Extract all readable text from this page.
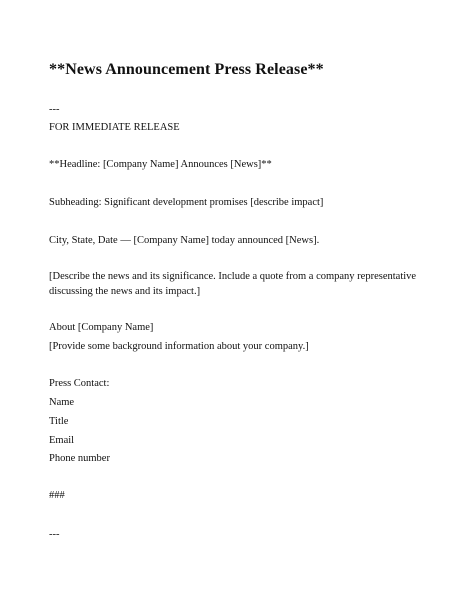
**News Announcement Press Release**
---
FOR IMMEDIATE RELEASE
**Headline: [Company Name] Announces [News]**
Subheading: Significant development promises [describe impact]
City, State, Date — [Company Name] today announced [News].
[Describe the news and its significance. Include a quote from a company representative discussing the news and its impact.]
About [Company Name]
[Provide some background information about your company.]
Press Contact:
Name
Title
Email
Phone number
###
---
